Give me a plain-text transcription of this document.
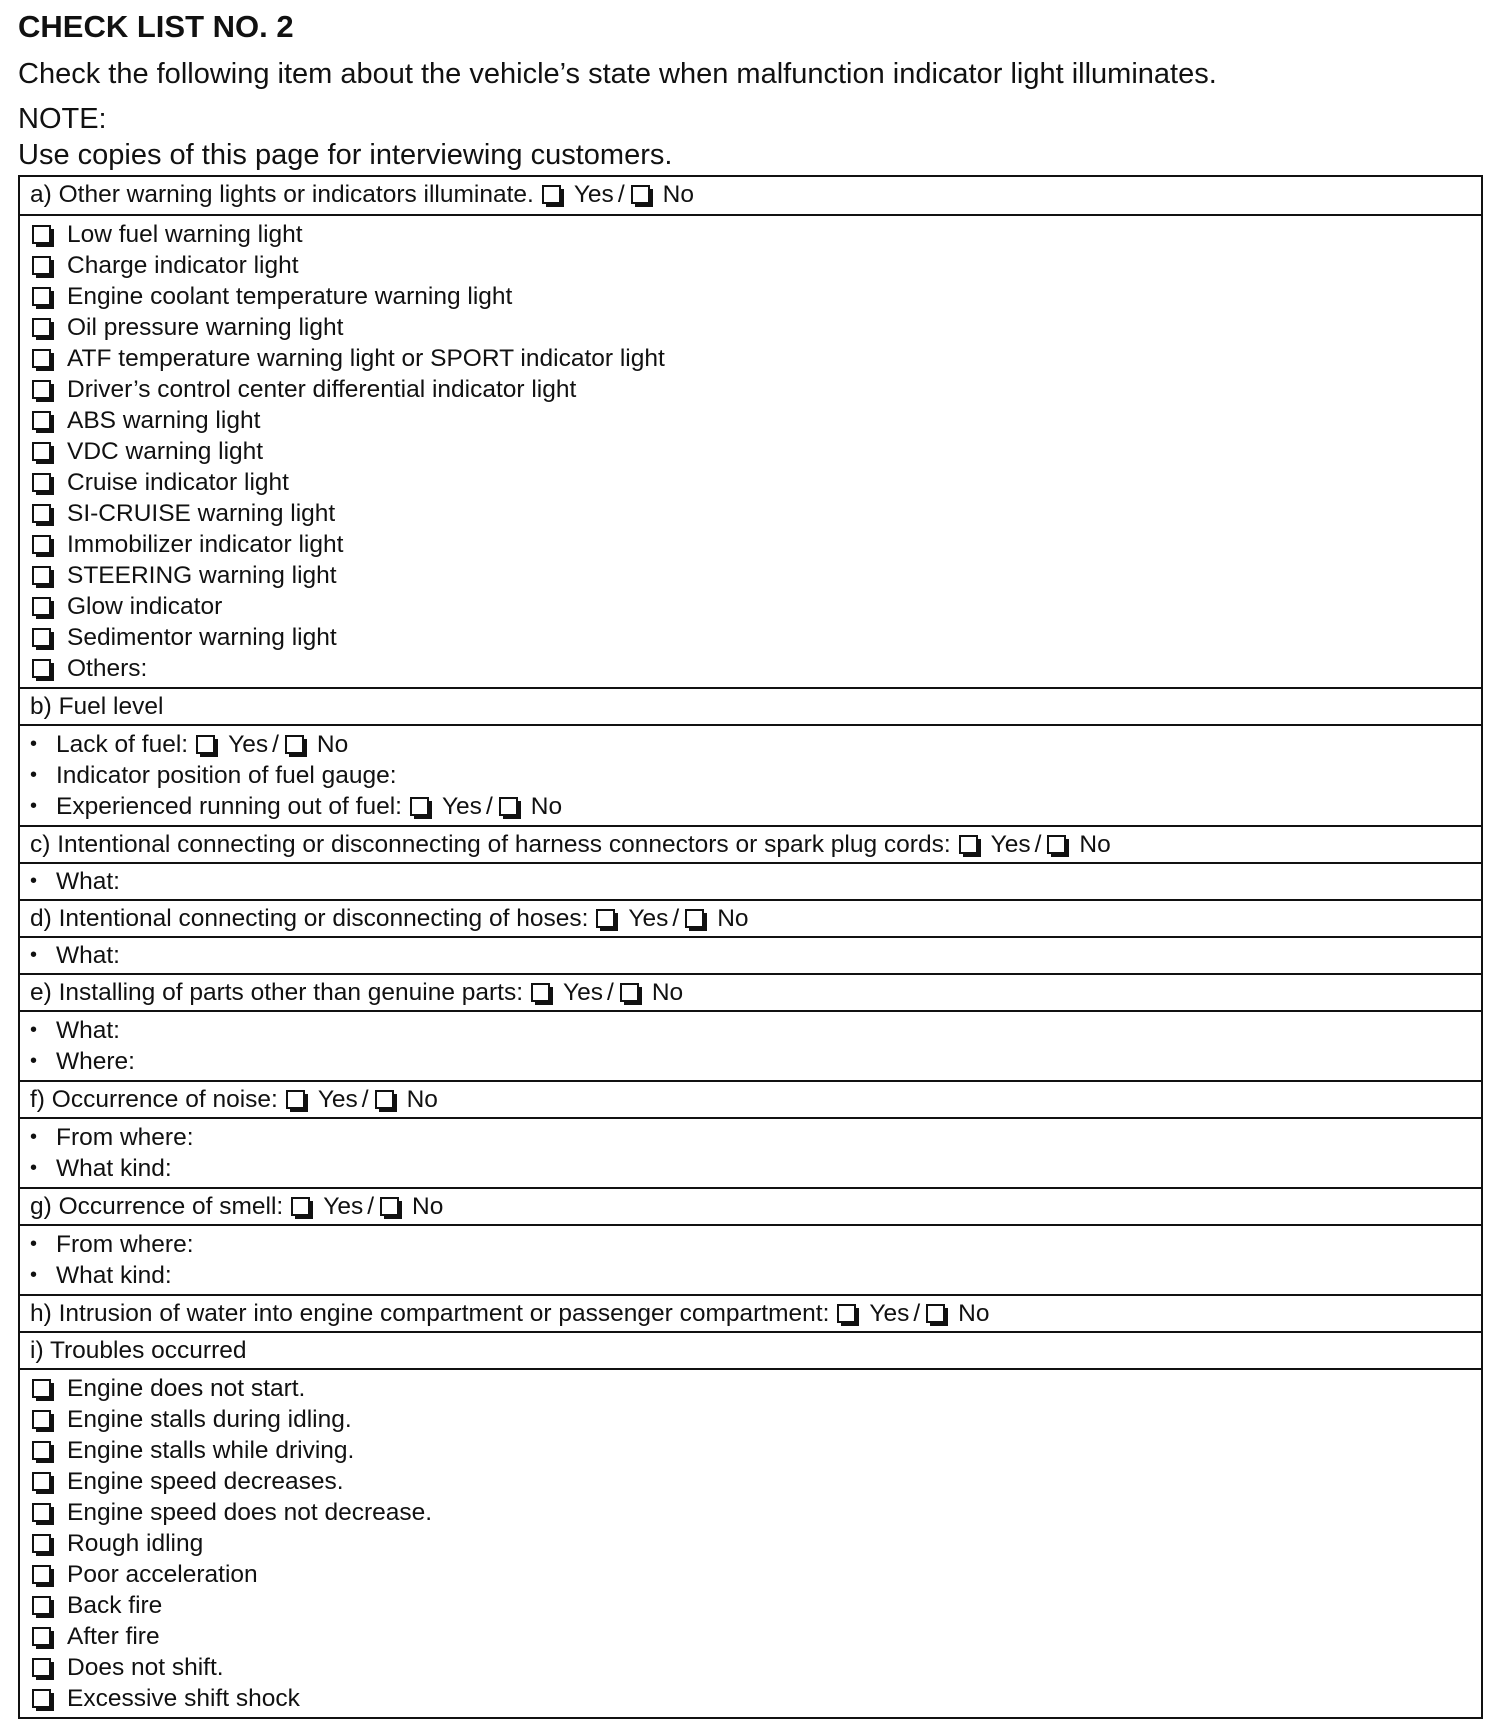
CHECK LIST NO. 2
Check the following item about the vehicle’s state when malfunction indicator light illuminates.
NOTE:
Use copies of this page for interviewing customers.
a) Other warning lights or indicators illuminate. Yes / No
Low fuel warning light
Charge indicator light
Engine coolant temperature warning light
Oil pressure warning light
ATF temperature warning light or SPORT indicator light
Driver’s control center differential indicator light
ABS warning light
VDC warning light
Cruise indicator light
SI-CRUISE warning light
Immobilizer indicator light
STEERING warning light
Glow indicator
Sedimentor warning light
Others:
b) Fuel level
• Lack of fuel: Yes / No
• Indicator position of fuel gauge:
• Experienced running out of fuel: Yes / No
c) Intentional connecting or disconnecting of harness connectors or spark plug cords: Yes / No
• What:
d) Intentional connecting or disconnecting of hoses: Yes / No
• What:
e) Installing of parts other than genuine parts: Yes / No
• What:
• Where:
f) Occurrence of noise: Yes / No
• From where:
• What kind:
g) Occurrence of smell: Yes / No
• From where:
• What kind:
h) Intrusion of water into engine compartment or passenger compartment: Yes / No
i) Troubles occurred
Engine does not start.
Engine stalls during idling.
Engine stalls while driving.
Engine speed decreases.
Engine speed does not decrease.
Rough idling
Poor acceleration
Back fire
After fire
Does not shift.
Excessive shift shock
